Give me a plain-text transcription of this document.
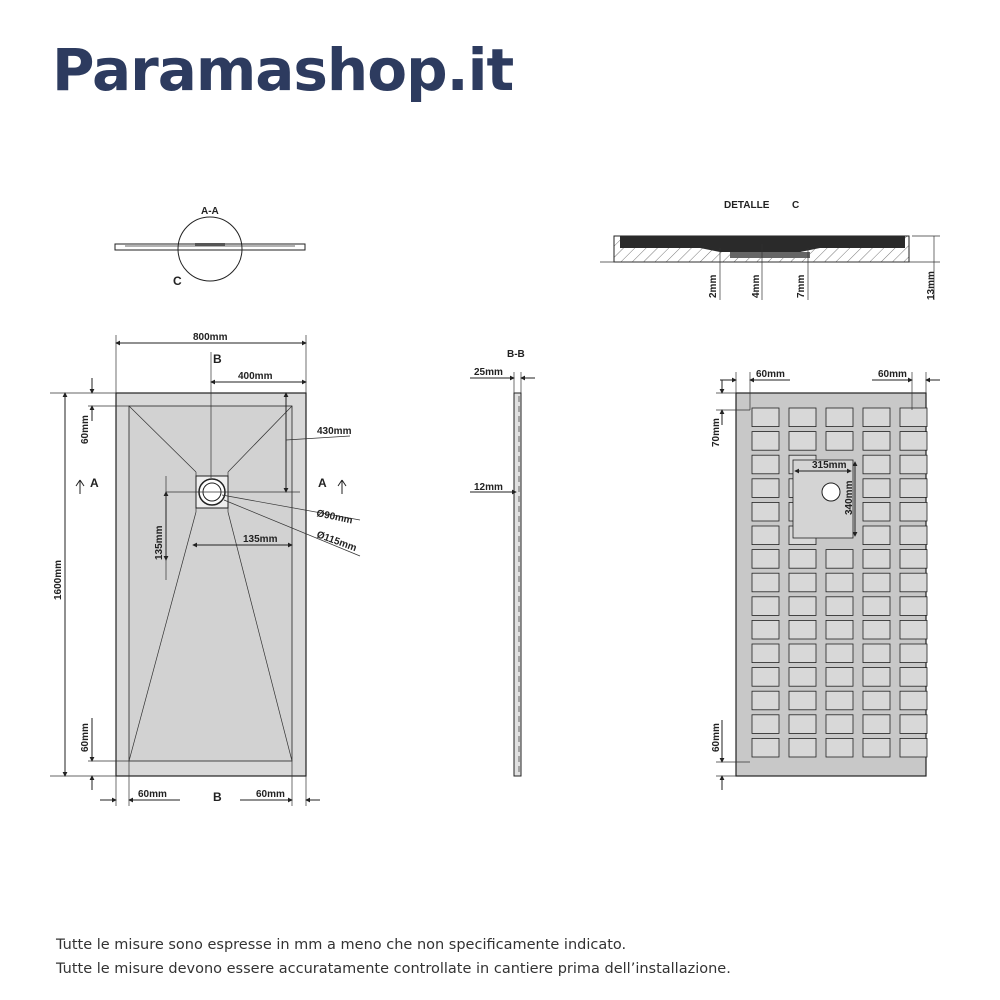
Paramashop.it
A-A
C
DETALLE C
2mm	4mm	7mm	13mm
800mm
B
400mm
430mm
1600mm
60mm
60mm
A	A
135mm	135mm
Ø90mm
Ø115mm
60mm	60mm
B
B-B
25mm
12mm
315mm
340mm
60mm	60mm
70mm
60mm
Tutte le misure sono espresse in mm a meno che non specificamente indicato.
Tutte le misure devono essere accuratamente controllate in cantiere prima dell’installazione.
